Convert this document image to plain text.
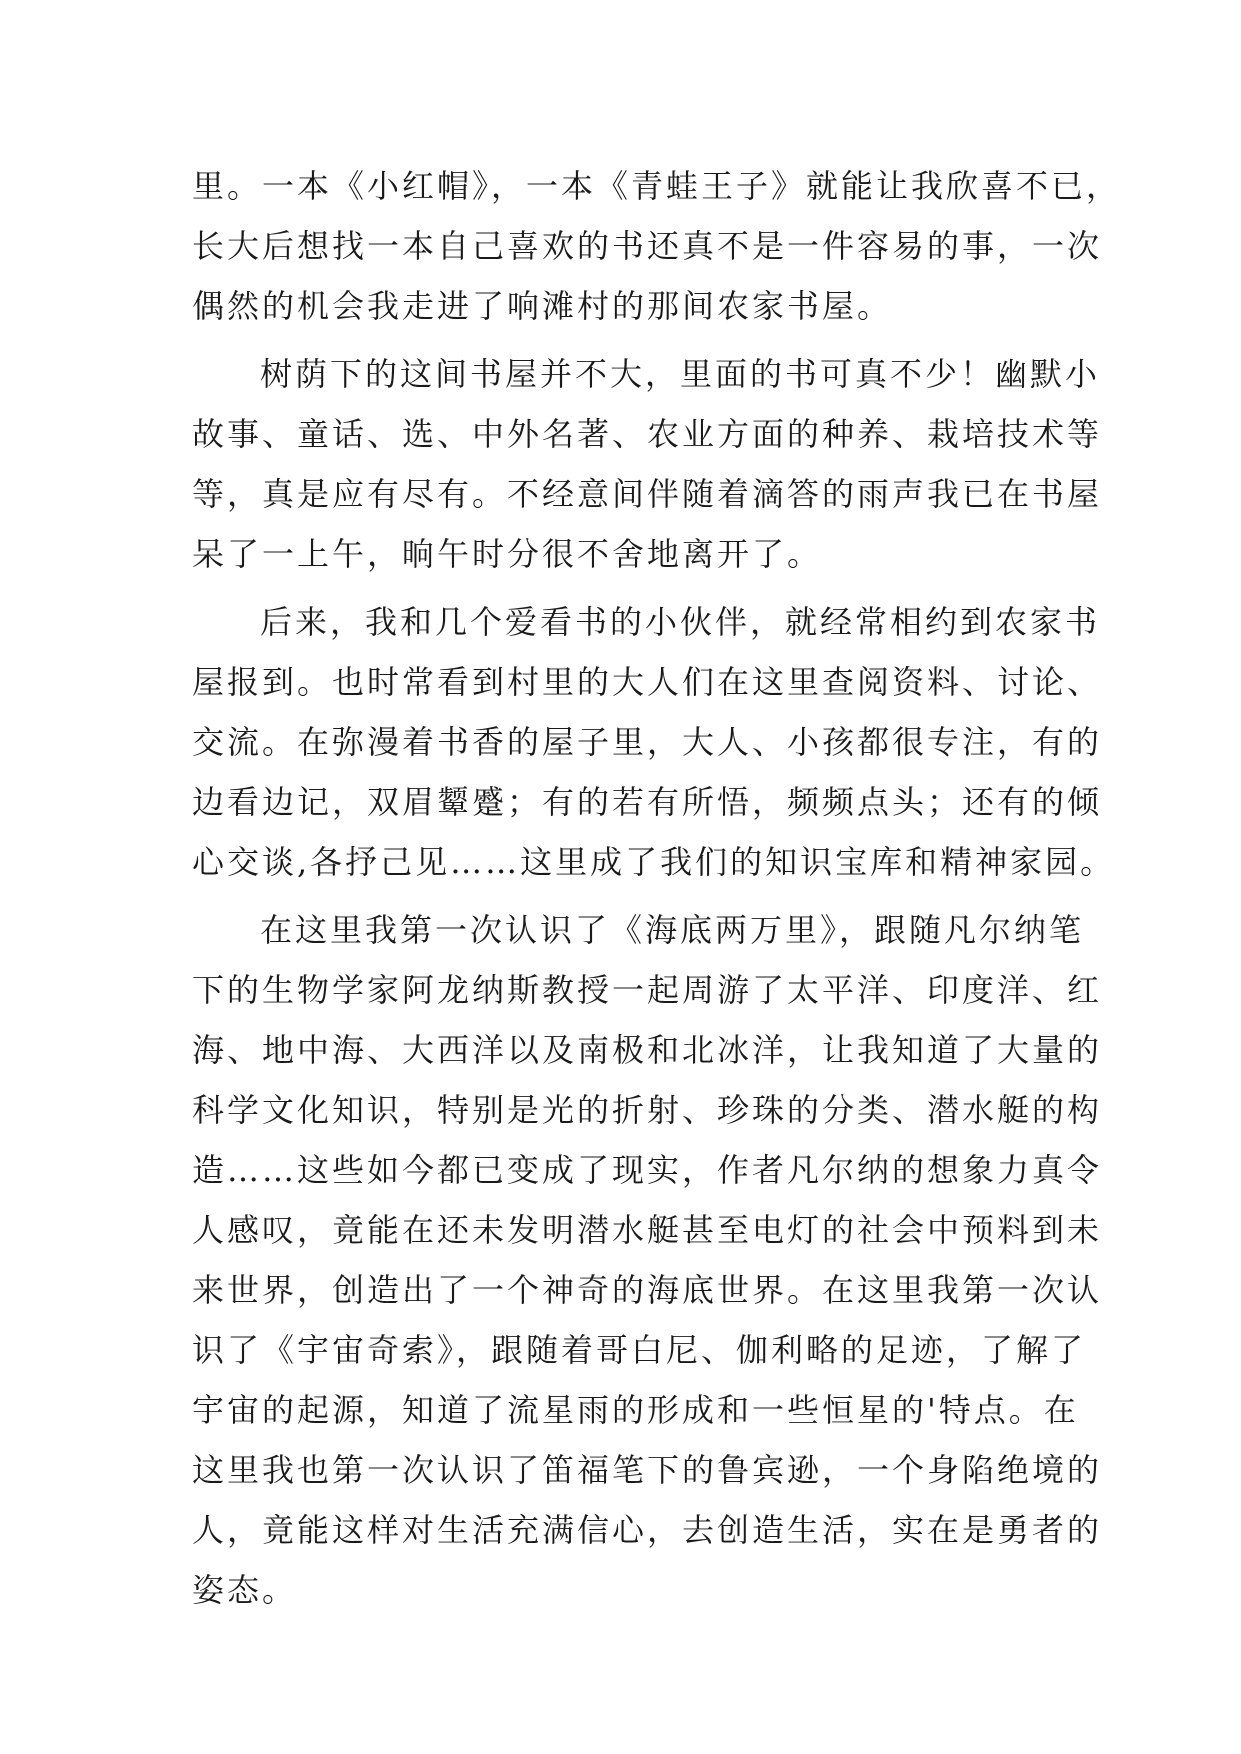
里。一本《小红帽》，一本《青蛙王子》就能让我欣喜不已，
长大后想找一本自己喜欢的书还真不是一件容易的事，一次
偶然的机会我走进了响滩村的那间农家书屋。
树荫下的这间书屋并不大，里面的书可真不少！幽默小
故事、童话、选、中外名著、农业方面的种养、栽培技术等
等，真是应有尽有。不经意间伴随着滴答的雨声我已在书屋
呆了一上午，晌午时分很不舍地离开了。
后来，我和几个爱看书的小伙伴，就经常相约到农家书
屋报到。也时常看到村里的大人们在这里查阅资料、讨论、
交流。在弥漫着书香的屋子里，大人、小孩都很专注，有的
边看边记，双眉颦蹙；有的若有所悟，频频点头；还有的倾
心交谈,各抒己见……这里成了我们的知识宝库和精神家园。
在这里我第一次认识了《海底两万里》，跟随凡尔纳笔
下的生物学家阿龙纳斯教授一起周游了太平洋、印度洋、红
海、地中海、大西洋以及南极和北冰洋，让我知道了大量的
科学文化知识，特别是光的折射、珍珠的分类、潜水艇的构
造……这些如今都已变成了现实，作者凡尔纳的想象力真令
人感叹，竟能在还未发明潜水艇甚至电灯的社会中预料到未
来世界，创造出了一个神奇的海底世界。在这里我第一次认
识了《宇宙奇索》，跟随着哥白尼、伽利略的足迹，了解了
宇宙的起源，知道了流星雨的形成和一些恒星的'特点。在
这里我也第一次认识了笛福笔下的鲁宾逊，一个身陷绝境的
人，竟能这样对生活充满信心，去创造生活，实在是勇者的
姿态。
